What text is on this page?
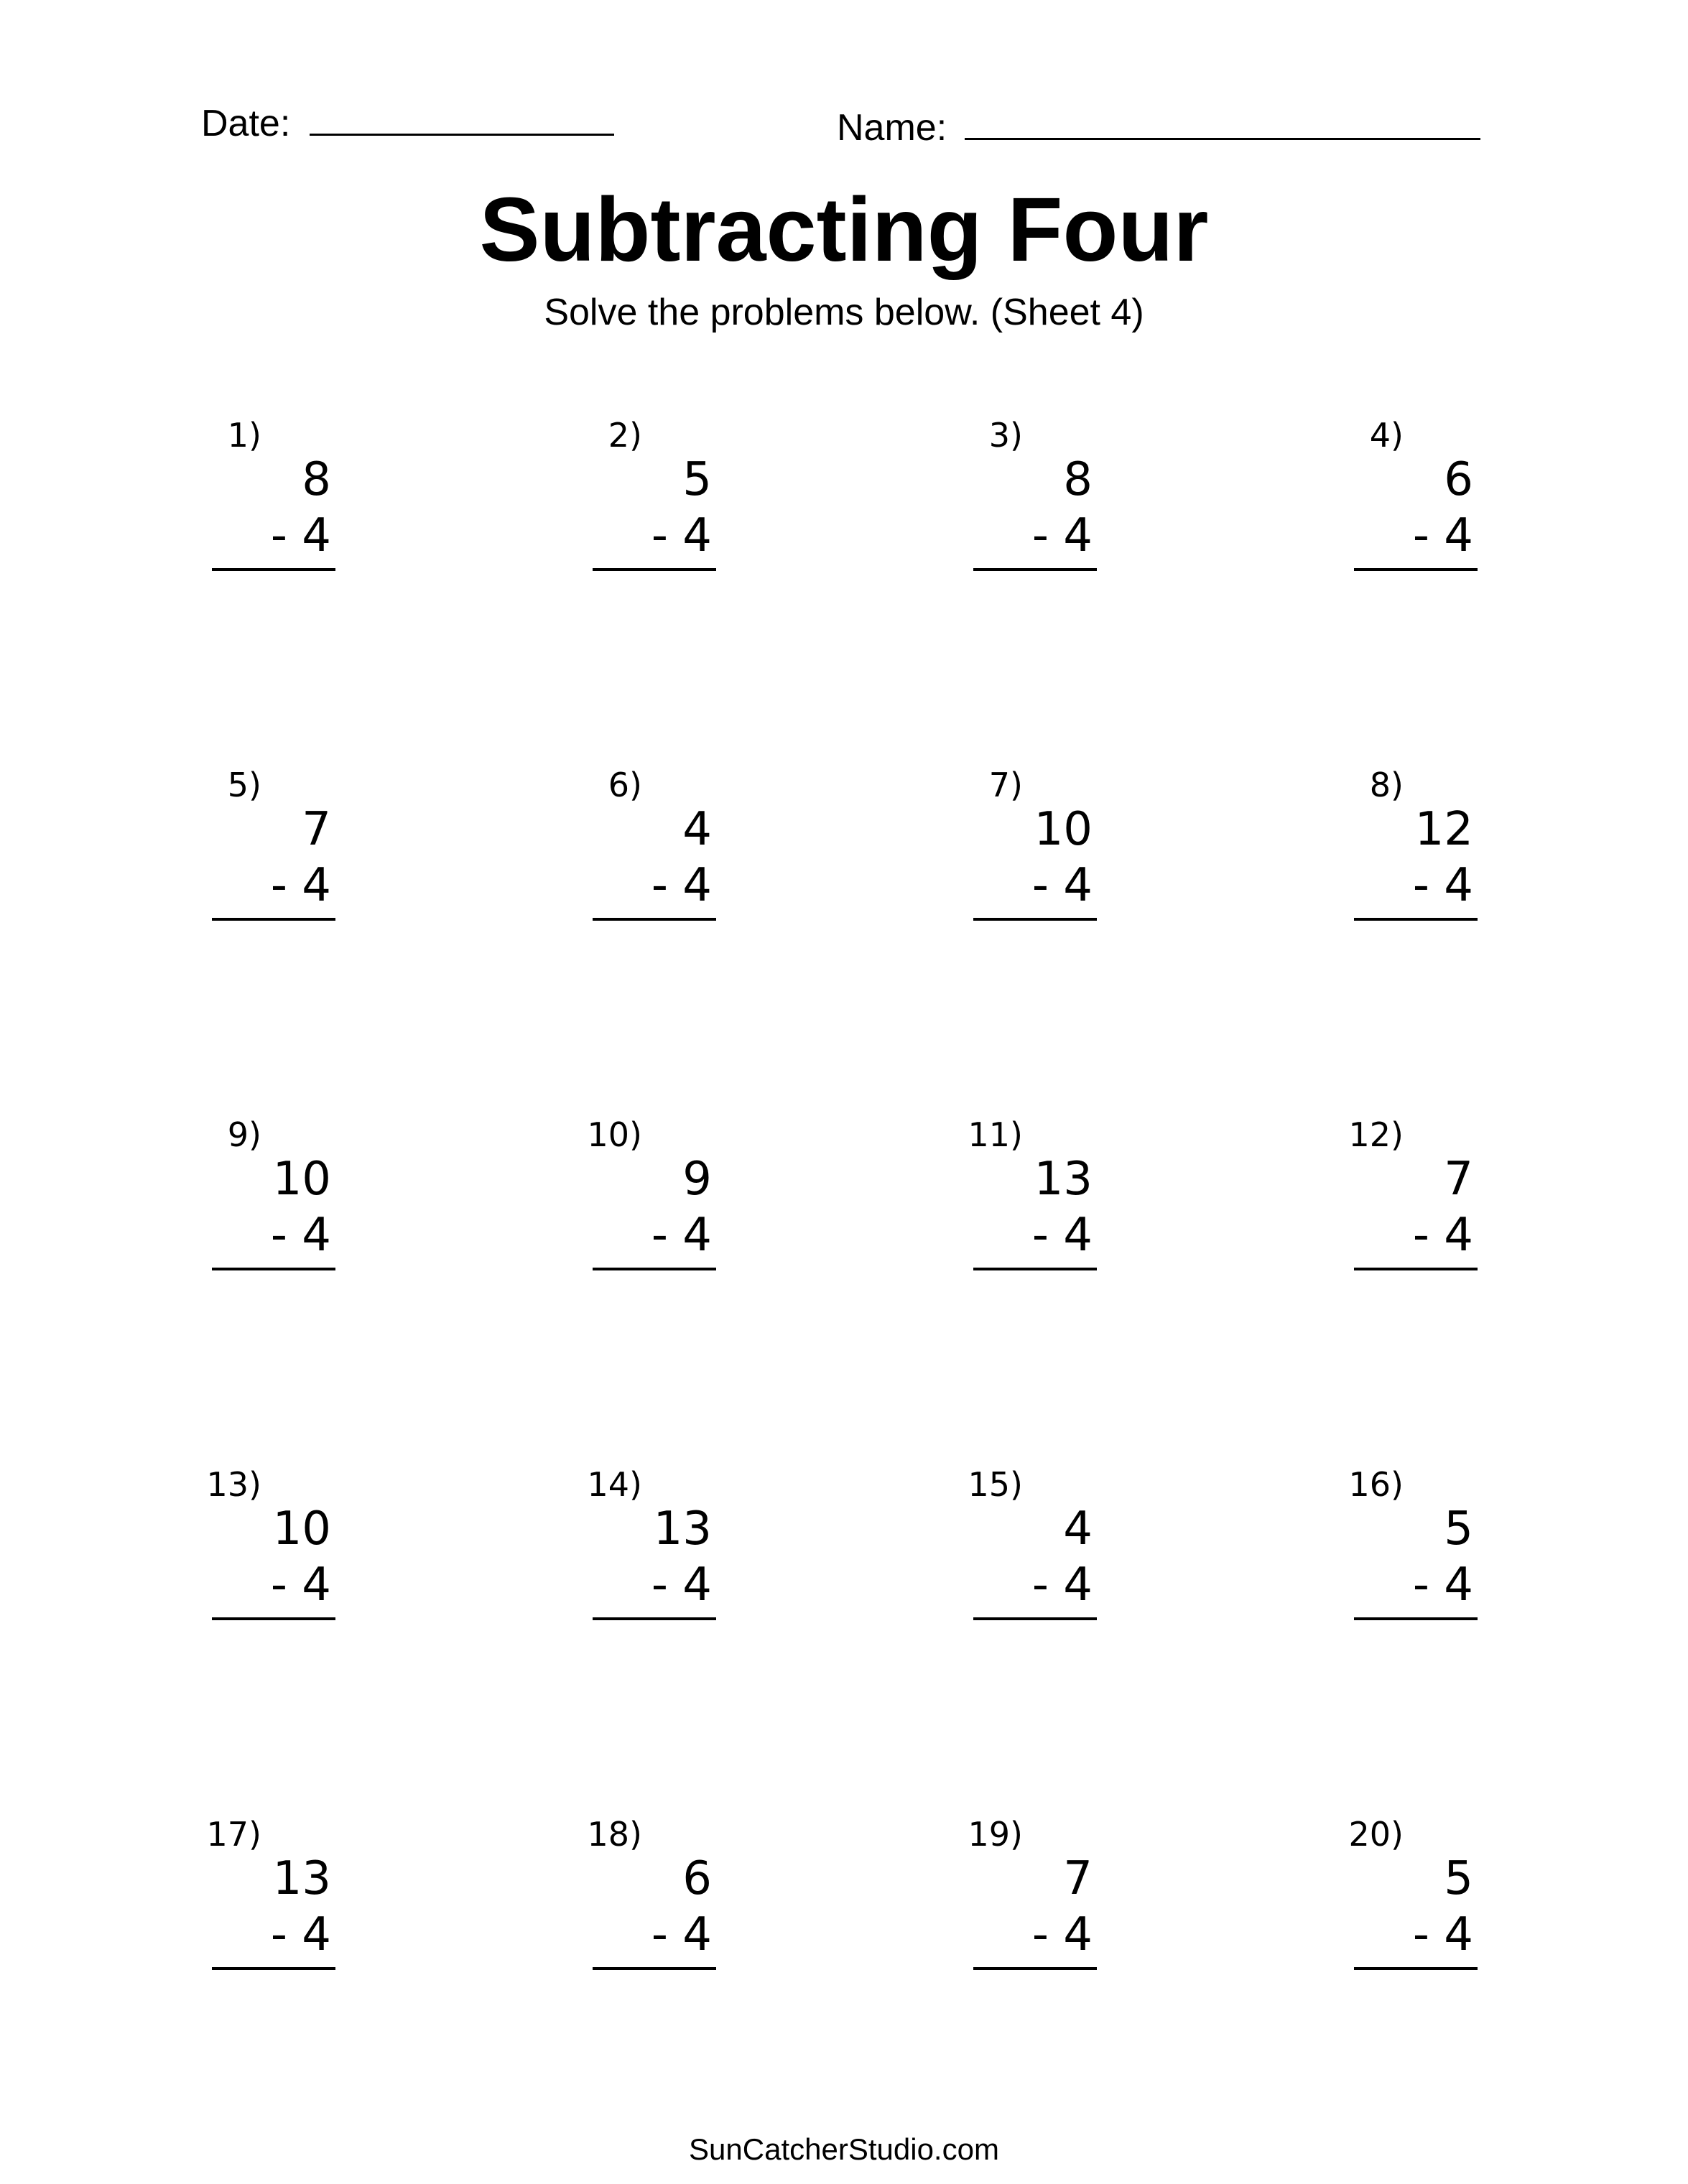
Date:	Name:
Subtracting Four
Solve the problems below. (Sheet 4)
1)
8
- 4
2)
5
- 4
3)
8
- 4
4)
6
- 4
5)
7
- 4
6)
4
- 4
7)
10
- 4
8)
12
- 4
9)
10
- 4
10)
9
- 4
11)
13
- 4
12)
7
- 4
13)
10
- 4
14)
13
- 4
15)
4
- 4
16)
5
- 4
17)
13
- 4
18)
6
- 4
19)
7
- 4
20)
5
- 4
SunCatcherStudio.com
